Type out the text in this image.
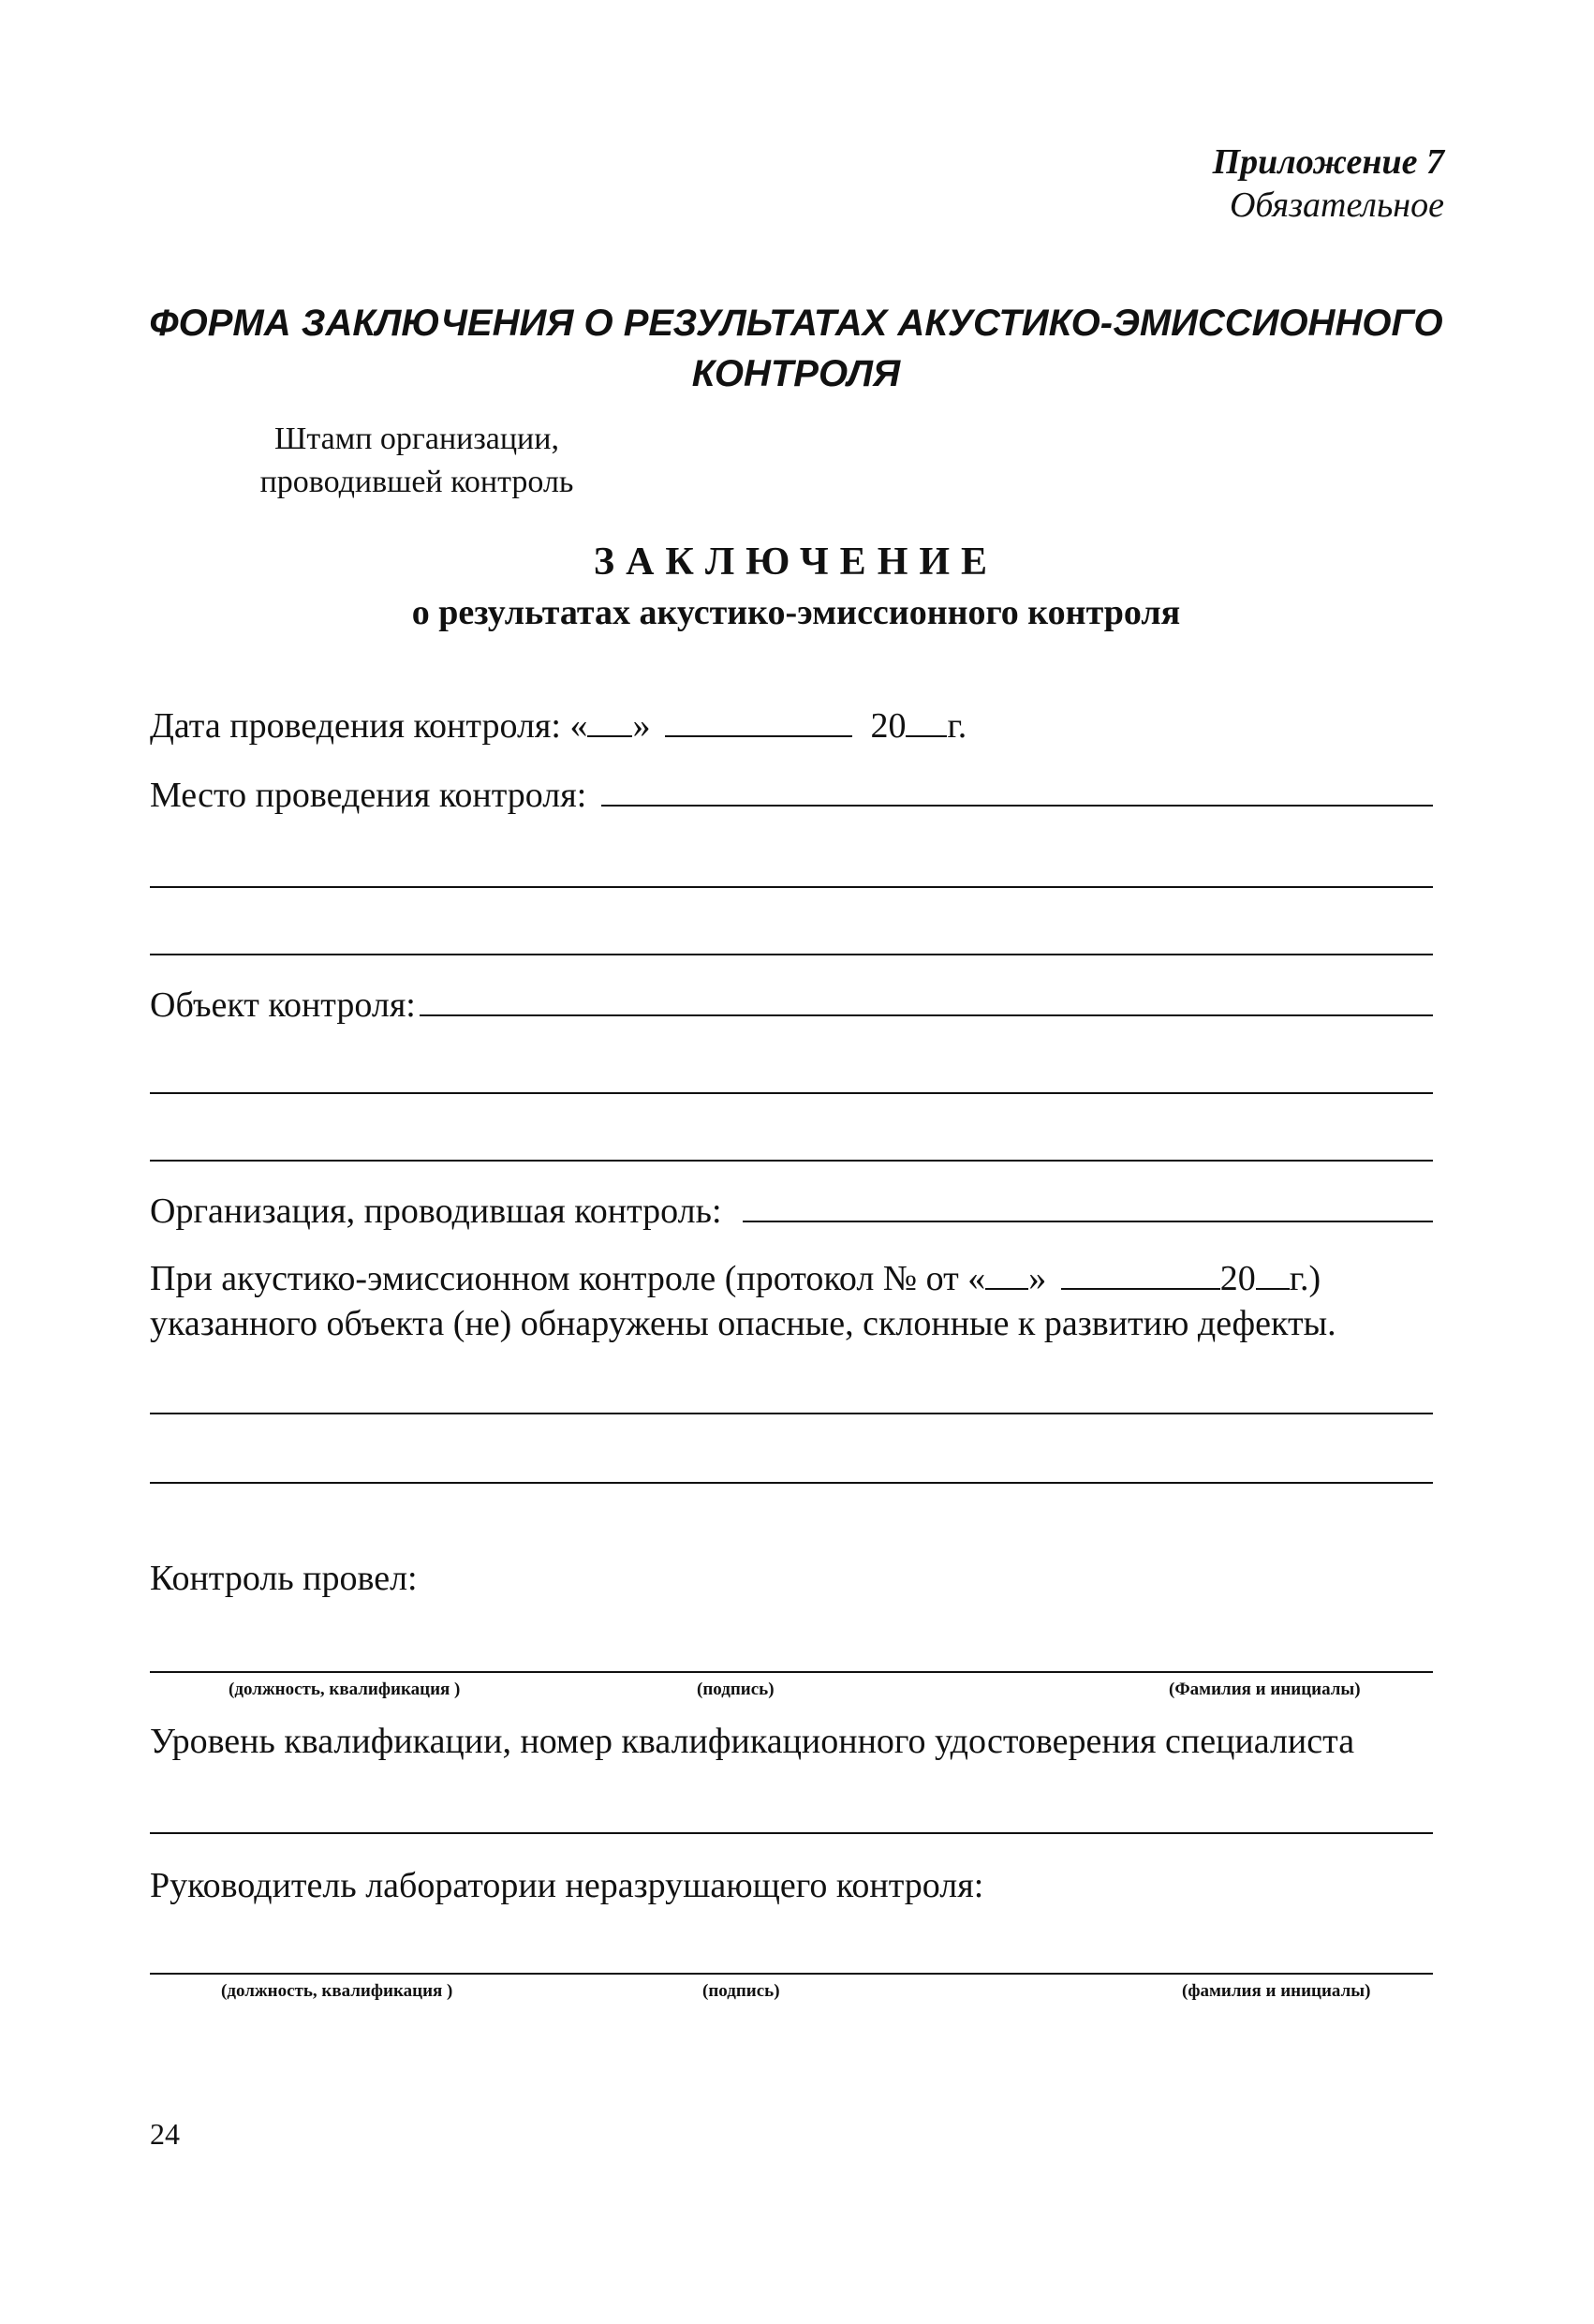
Приложение 7
Обязательное
ФОРМА ЗАКЛЮЧЕНИЯ О РЕЗУЛЬТАТАХ АКУСТИКО-ЭМИССИОННОГО
КОНТРОЛЯ
Штамп организации,
проводившей контроль
ЗАКЛЮЧЕНИЕ
о результатах акустико-эмиссионного контроля
Дата проведения контроля: « »	20 г.
Место проведения контроля:
Объект контроля:
Организация, проводившая контроль:
При акустико-эмиссионном контроле (протокол № от « »	20 г.)
указанного объекта (не) обнаружены опасные, склонные к развитию дефекты.
Контроль провел:
(должность, квалификация )	(подпись)	(Фамилия и инициалы)
Уровень квалификации, номер квалификационного удостоверения специалиста
Руководитель лаборатории неразрушающего контроля:
(должность, квалификация )	(подпись)	(фамилия и инициалы)
24
